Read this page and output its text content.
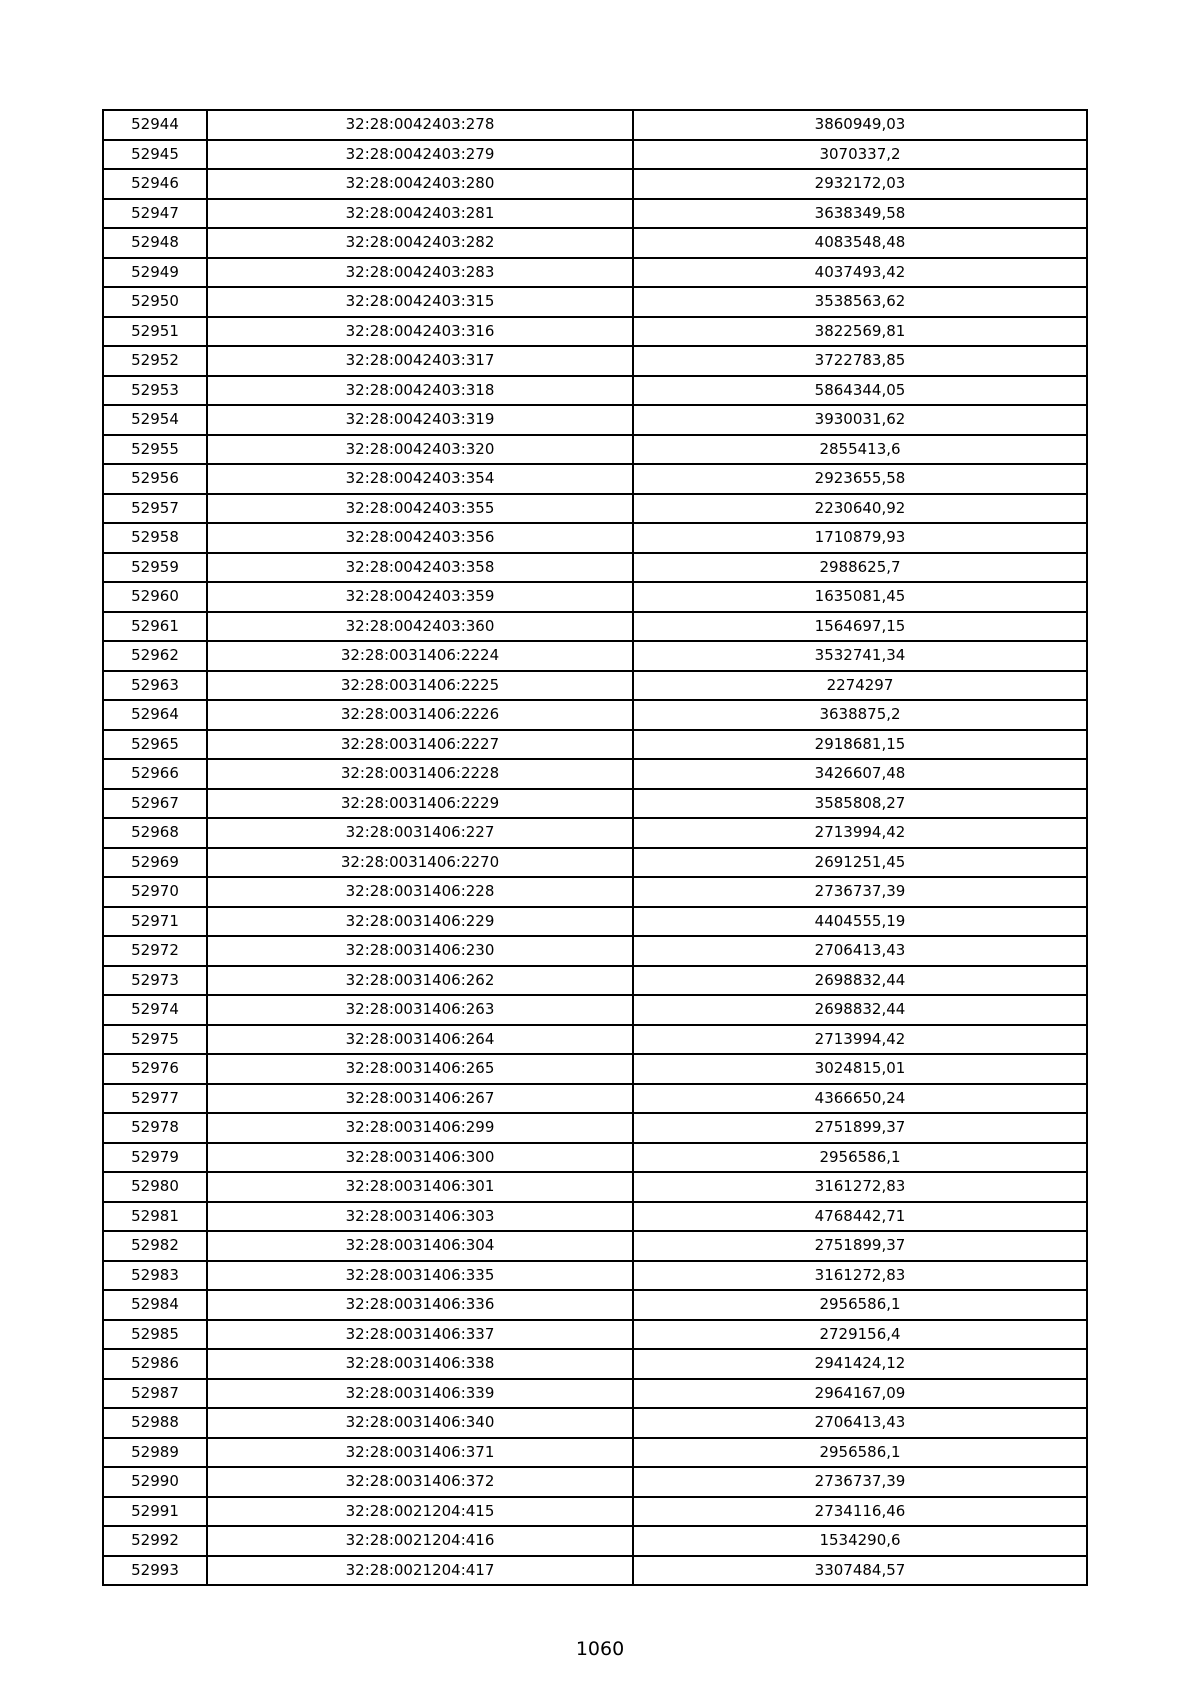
52944	32:28:0042403:278	3860949,03
52945	32:28:0042403:279	3070337,2
52946	32:28:0042403:280	2932172,03
52947	32:28:0042403:281	3638349,58
52948	32:28:0042403:282	4083548,48
52949	32:28:0042403:283	4037493,42
52950	32:28:0042403:315	3538563,62
52951	32:28:0042403:316	3822569,81
52952	32:28:0042403:317	3722783,85
52953	32:28:0042403:318	5864344,05
52954	32:28:0042403:319	3930031,62
52955	32:28:0042403:320	2855413,6
52956	32:28:0042403:354	2923655,58
52957	32:28:0042403:355	2230640,92
52958	32:28:0042403:356	1710879,93
52959	32:28:0042403:358	2988625,7
52960	32:28:0042403:359	1635081,45
52961	32:28:0042403:360	1564697,15
52962	32:28:0031406:2224	3532741,34
52963	32:28:0031406:2225	2274297
52964	32:28:0031406:2226	3638875,2
52965	32:28:0031406:2227	2918681,15
52966	32:28:0031406:2228	3426607,48
52967	32:28:0031406:2229	3585808,27
52968	32:28:0031406:227	2713994,42
52969	32:28:0031406:2270	2691251,45
52970	32:28:0031406:228	2736737,39
52971	32:28:0031406:229	4404555,19
52972	32:28:0031406:230	2706413,43
52973	32:28:0031406:262	2698832,44
52974	32:28:0031406:263	2698832,44
52975	32:28:0031406:264	2713994,42
52976	32:28:0031406:265	3024815,01
52977	32:28:0031406:267	4366650,24
52978	32:28:0031406:299	2751899,37
52979	32:28:0031406:300	2956586,1
52980	32:28:0031406:301	3161272,83
52981	32:28:0031406:303	4768442,71
52982	32:28:0031406:304	2751899,37
52983	32:28:0031406:335	3161272,83
52984	32:28:0031406:336	2956586,1
52985	32:28:0031406:337	2729156,4
52986	32:28:0031406:338	2941424,12
52987	32:28:0031406:339	2964167,09
52988	32:28:0031406:340	2706413,43
52989	32:28:0031406:371	2956586,1
52990	32:28:0031406:372	2736737,39
52991	32:28:0021204:415	2734116,46
52992	32:28:0021204:416	1534290,6
52993	32:28:0021204:417	3307484,57
1060
